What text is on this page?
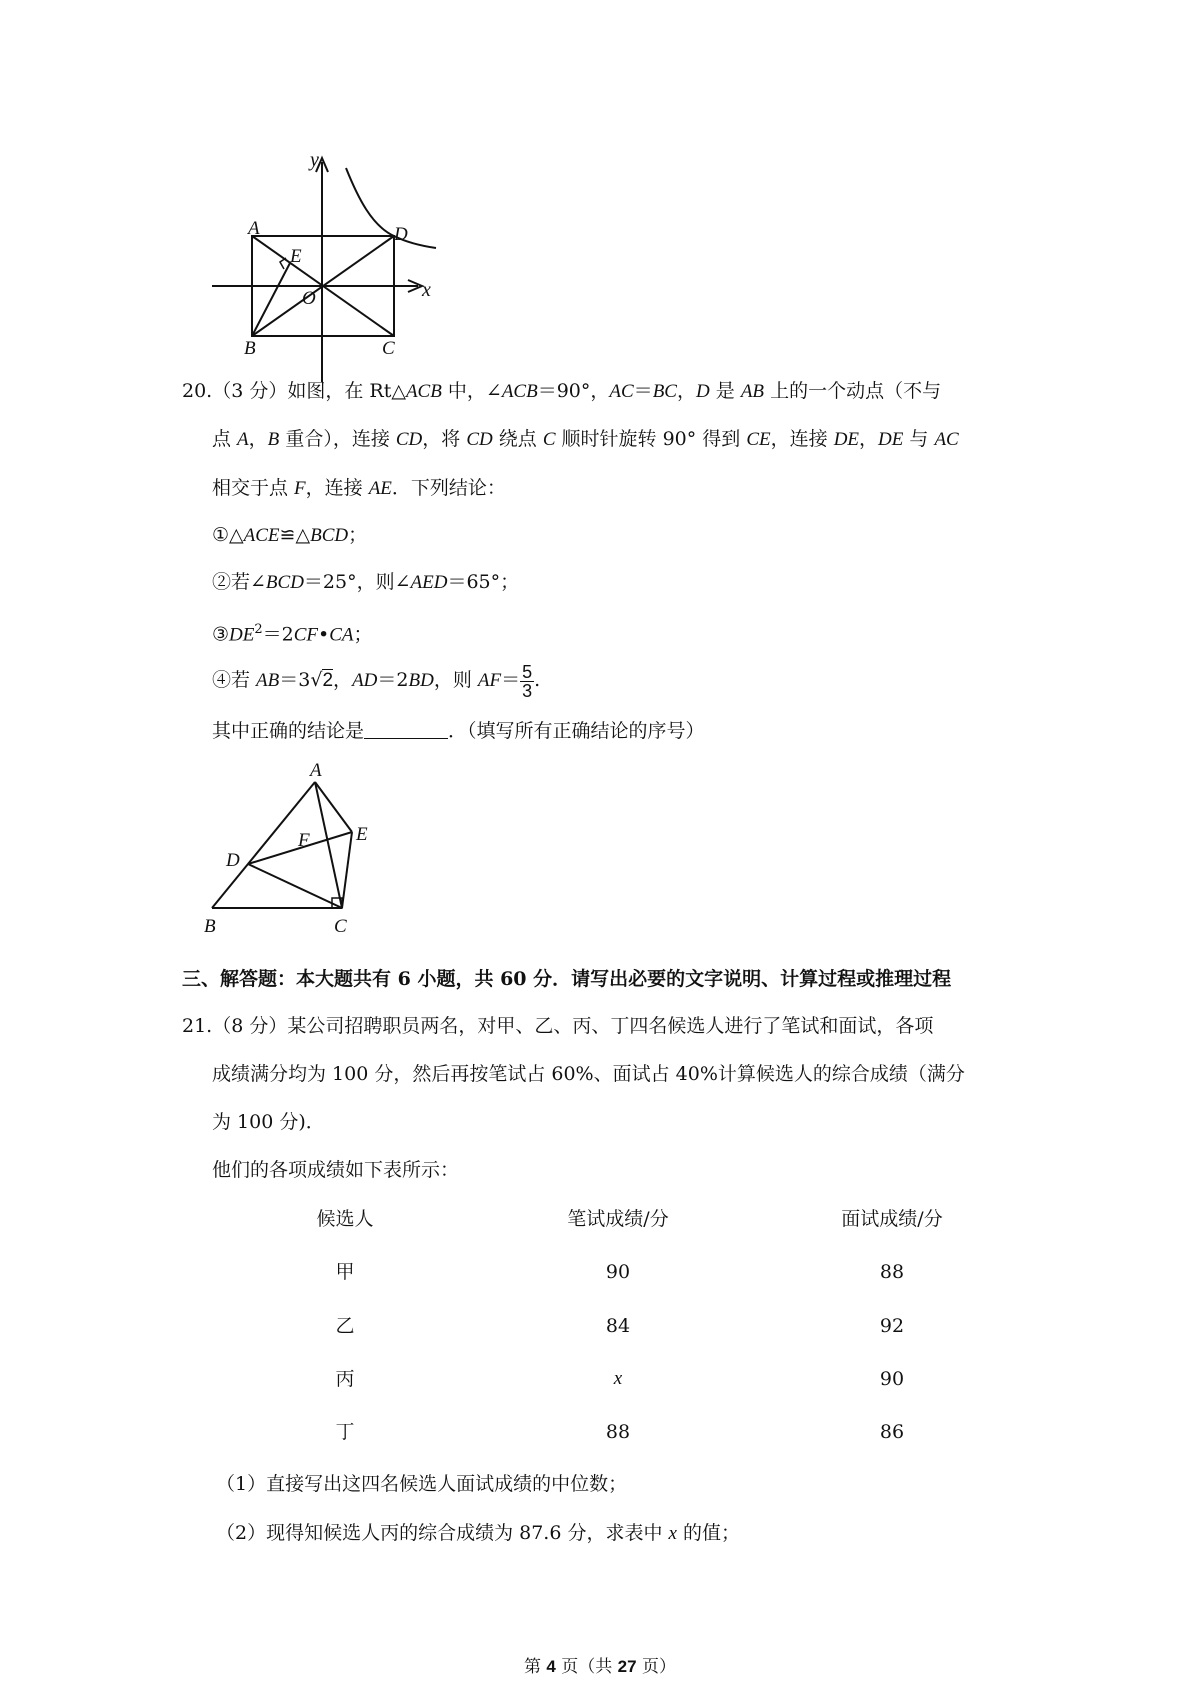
y
x
A	D
E
O
B	C
20.（3 分）如图，在 Rt△ACB 中，∠ACB＝90°，AC＝BC，D 是 AB 上的一个动点（不与
点 A，B 重合），连接 CD，将 CD 绕点 C 顺时针旋转 90° 得到 CE，连接 DE，DE 与 AC
相交于点 F，连接 AE．下列结论：
①△ACE≌△BCD；
②若∠BCD＝25°，则∠AED＝65°；
$③DE^2=2CF•CA$；
④若 AB＝3√2，AD＝2BD，则 $AF= \frac{5}{3}$ .
其中正确的结论是	．（填写所有正确结论的序号）
A
F E
D
B	C
三、解答题：本大题共有 6 小题，共 60 分．请写出必要的文字说明、计算过程或推理过程
21.（8 分）某公司招聘职员两名，对甲、乙、丙、丁四名候选人进行了笔试和面试，各项
成绩满分均为 100 分，然后再按笔试占 60%、面试占 40%计算候选人的综合成绩（满分
为 100 分)．
他们的各项成绩如下表所示：
候选人	笔试成绩/分	面试成绩/分
甲	90	88
乙	84	92
丙	x	90
丁	88	86
（1）直接写出这四名候选人面试成绩的中位数；
（2）现得知候选人丙的综合成绩为 87.6 分，求表中 x 的值；
第 4 页（共 27 页）
